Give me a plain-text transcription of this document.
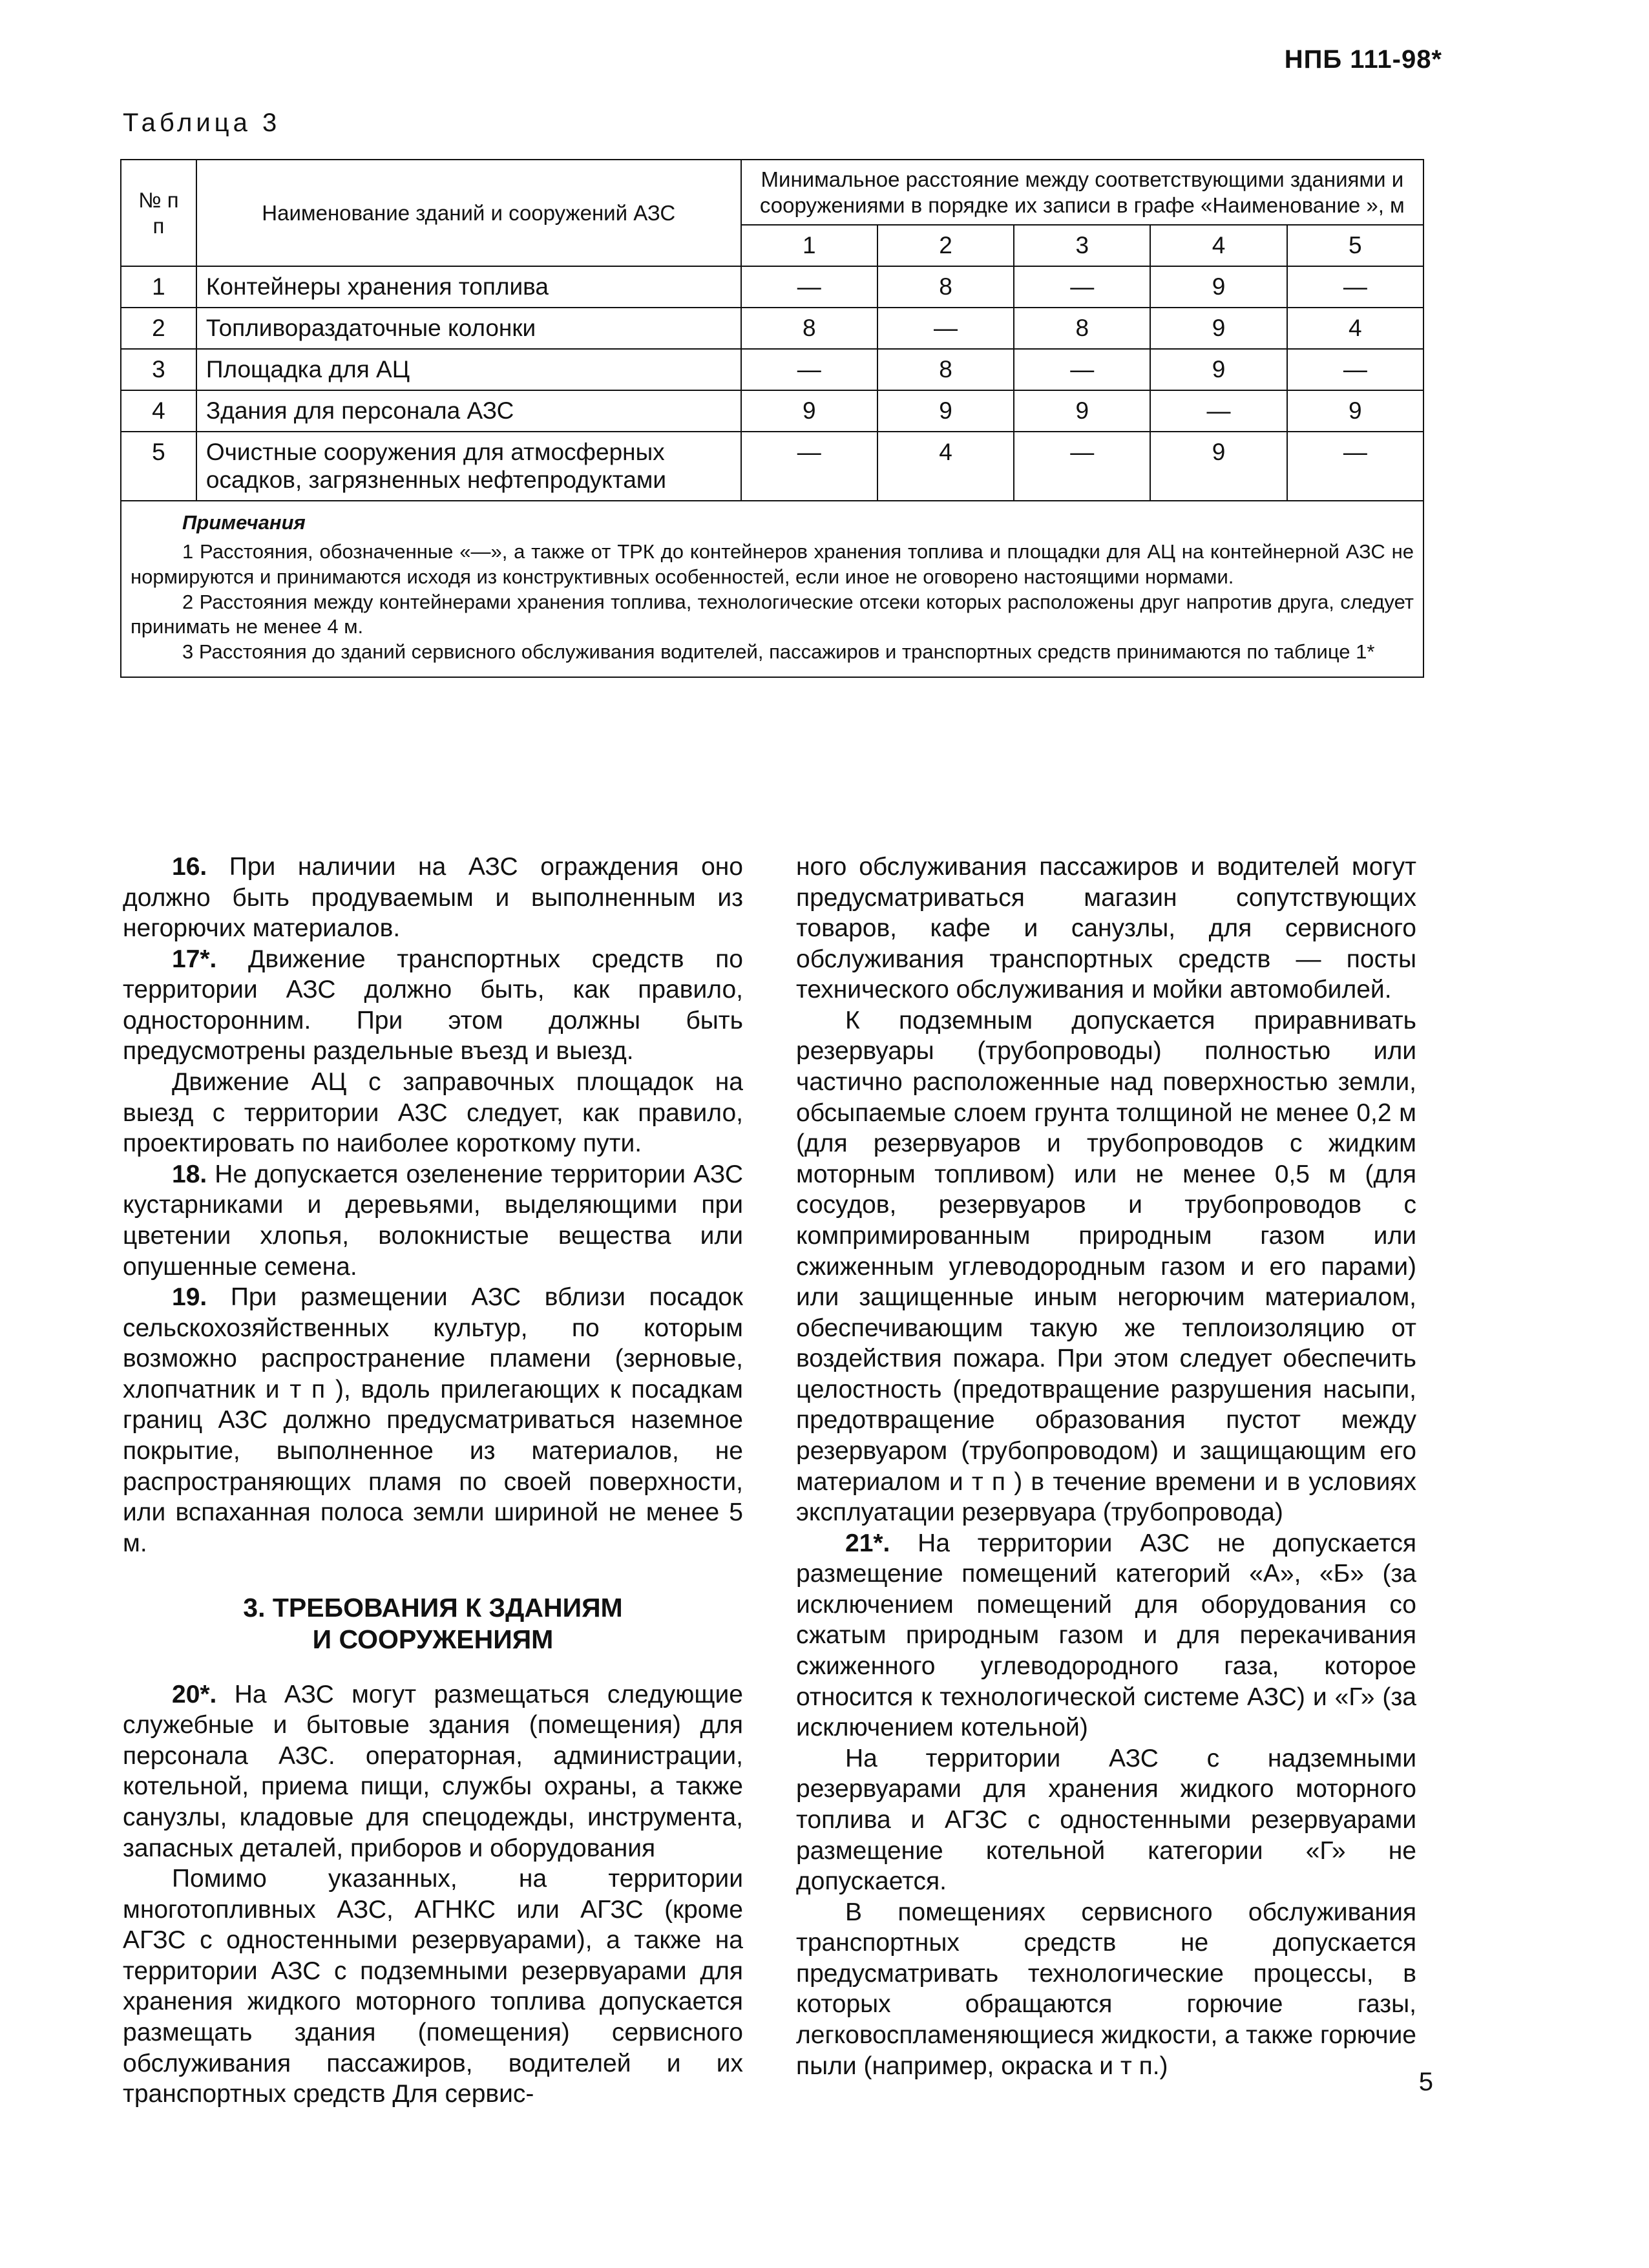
НПБ 111-98*
Таблица 3
№ п п	Наименование зданий и сооружений АЗС	Минимальное расстояние между соответствующими зданиями и сооружениями в порядке их записи в графе «Наименование », м				
		1	2	3	4	5
1	Контейнеры хранения топлива	—	8	—	9	—
2	Топливораздаточные колонки	8	—	8	9	4
3	Площадка для АЦ	—	8	—	9	—
4	Здания для персонала АЗС	9	9	9	—	9
5	Очистные сооружения для атмосферных осадков, загрязненных нефтепродуктами	—	4	—	9	—
Примечания

1 Расстояния, обозначенные «—», а также от ТРК до контейнеров хранения топлива и площадки для АЦ на контейнерной АЗС не нормируются и принимаются исходя из конструктивных особенностей, если иное не оговорено настоящими нормами.

2 Расстояния между контейнерами хранения топлива, технологические отсеки которых расположены друг напротив друга, следует принимать не менее 4 м.

3 Расстояния до зданий сервисного обслуживания водителей, пассажиров и транспортных средств принимаются по таблице 1*

16. При наличии на АЗС ограждения оно должно быть продуваемым и выполненным из негорючих материалов.

17*. Движение транспортных средств по территории АЗС должно быть, как правило, односторонним. При этом должны быть предусмотрены раздельные въезд и выезд.

Движение АЦ с заправочных площадок на выезд с территории АЗС следует, как правило, проектировать по наиболее короткому пути.

18. Не допускается озеленение территории АЗС кустарниками и деревьями, выделяющими при цветении хлопья, волокнистые вещества или опушенные семена.

19. При размещении АЗС вблизи посадок сельскохозяйственных культур, по которым возможно распространение пламени (зерновые, хлопчатник и т п ), вдоль прилегающих к посадкам границ АЗС должно предусматриваться наземное покрытие, выполненное из материалов, не распространяющих пламя по своей поверхности, или вспаханная полоса земли шириной не менее 5 м.

3. ТРЕБОВАНИЯ К ЗДАНИЯМ
И СООРУЖЕНИЯМ

20*. На АЗС могут размещаться следующие служебные и бытовые здания (помещения) для персонала АЗС. операторная, администрации, котельной, приема пищи, службы охраны, а также санузлы, кладовые для спецодежды, инструмента, запасных деталей, приборов и оборудования

Помимо указанных, на территории многотопливных АЗС, АГНКС или АГЗС (кроме АГЗС с одностенными резервуарами), а также на территории АЗС с подземными резервуарами для хранения жидкого моторного топлива допускается размещать здания (помещения) сервисного обслуживания пассажиров, водителей и их транспортных средств Для сервис-

ного обслуживания пассажиров и водителей могут предусматриваться магазин сопутствующих товаров, кафе и санузлы, для сервисного обслуживания транспортных средств — посты технического обслуживания и мойки автомобилей.

К подземным допускается приравнивать резервуары (трубопроводы) полностью или частично расположенные над поверхностью земли, обсыпаемые слоем грунта толщиной не менее 0,2 м (для резервуаров и трубопроводов с жидким моторным топливом) или не менее 0,5 м (для сосудов, резервуаров и трубопроводов с компримированным природным газом или сжиженным углеводородным газом и его парами) или защищенные иным негорючим материалом, обеспечивающим такую же теплоизоляцию от воздействия пожара. При этом следует обеспечить целостность (предотвращение разрушения насыпи, предотвращение образования пустот между резервуаром (трубопроводом) и защищающим его материалом и т п ) в течение времени и в условиях эксплуатации резервуара (трубопровода)

21*. На территории АЗС не допускается размещение помещений категорий «А», «Б» (за исключением помещений для оборудования со сжатым природным газом и для перекачивания сжиженного углеводородного газа, которое относится к технологической системе АЗС) и «Г» (за исключением котельной)

На территории АЗС с надземными резервуарами для хранения жидкого моторного топлива и АГЗС с одностенными резервуарами размещение котельной категории «Г» не допускается.

В помещениях сервисного обслуживания транспортных средств не допускается предусматривать технологические процессы, в которых обращаются горючие газы, легковоспламеняющиеся жидкости, а также горючие пыли (например, окраска и т п.)

5
